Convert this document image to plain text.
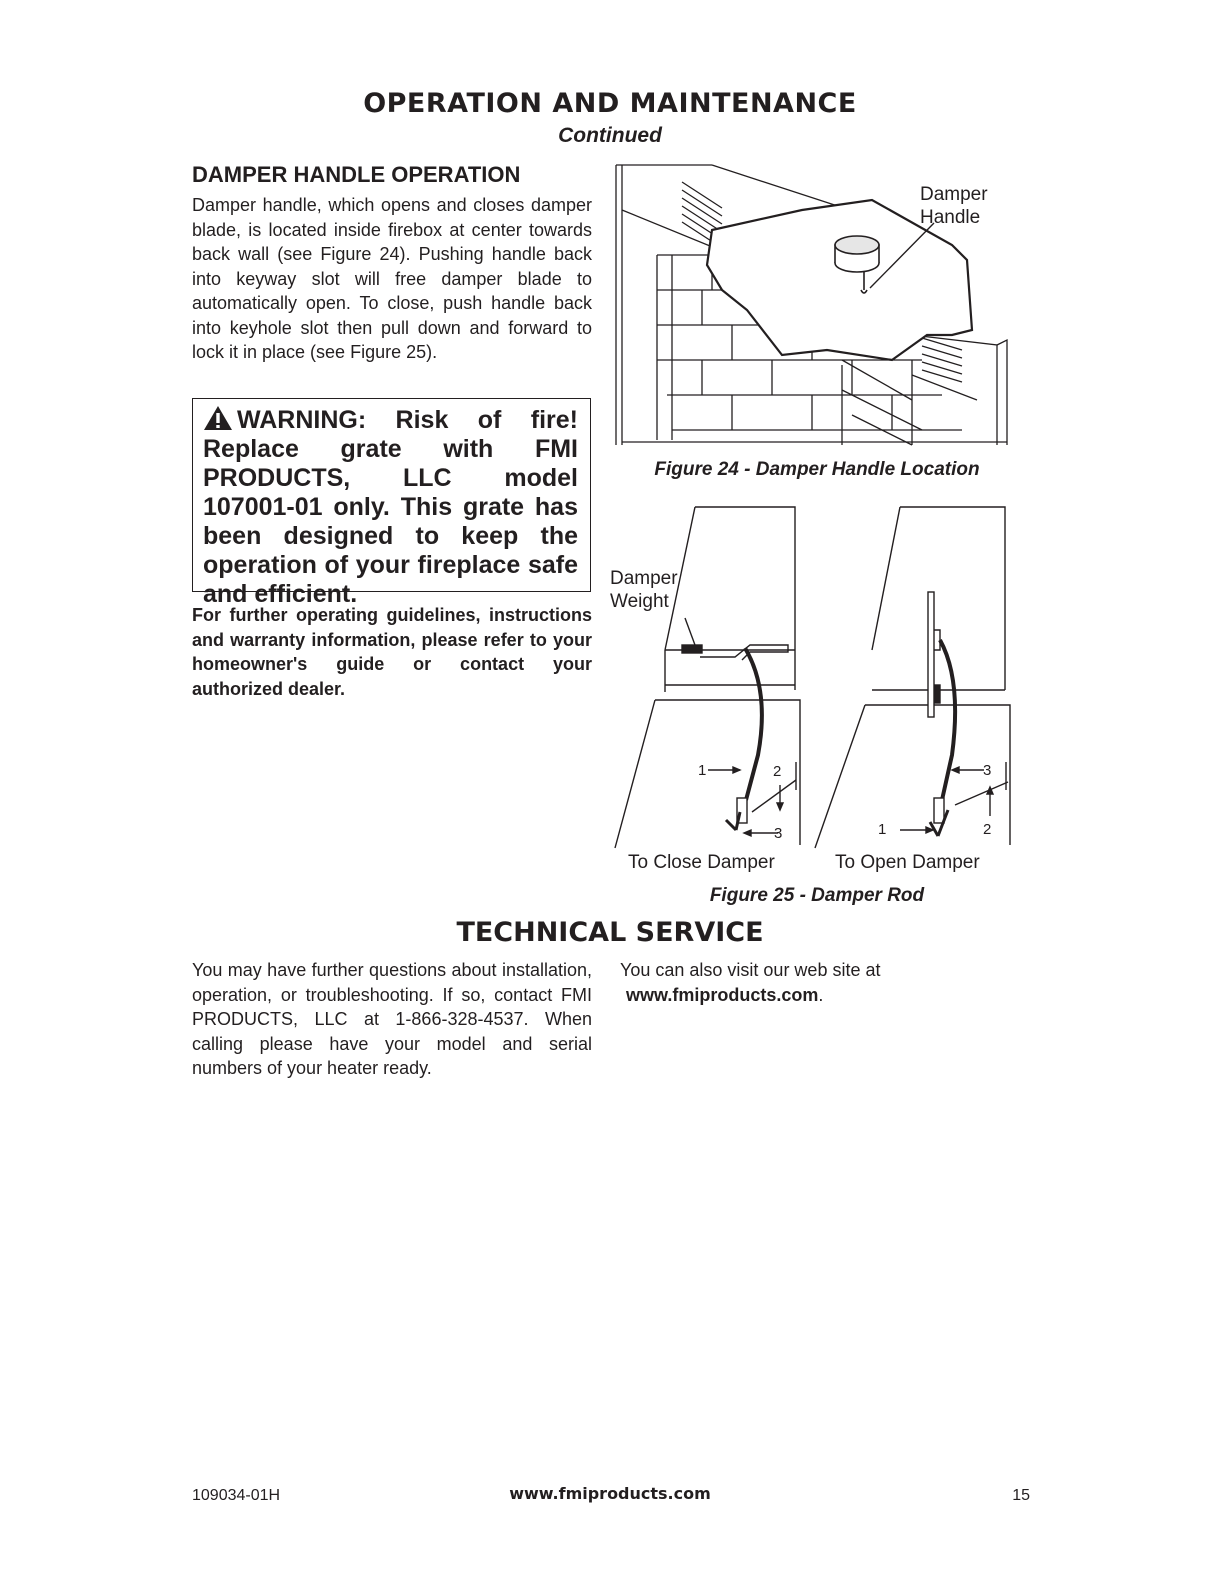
OPERATION AND MAINTENANCE
Continued
DAMPER HANDLE OPERATION
Damper handle, which opens and closes damper blade, is located inside firebox at center towards back wall (see Figure 24). Pushing handle back into keyway slot will free damper blade to automatically open. To close, push handle back into keyhole slot then pull down and forward to lock it in place (see Figure 25).
WARNING: Risk of fire! Replace grate with FMI PRODUCTS, LLC model 107001-01 only. This grate has been designed to keep the operation of your fireplace safe and efficient.
For further operating guidelines, instructions and warranty information, please refer to your homeowner's guide or contact your authorized dealer.
Damper
Handle
Figure 24 - Damper Handle Location
1	2
3	1	2
3
Damper
Weight
To Close Damper	To Open Damper
Figure 25 - Damper Rod
TECHNICAL SERVICE
You may have further questions about installation, operation, or troubleshooting. If so, contact FMI PRODUCTS, LLC at 1-866-328-4537. When calling please have your model and serial numbers of your heater ready.
You can also visit our web site at
www.fmiproducts.com.
109034-01H	www.fmiproducts.com	15
